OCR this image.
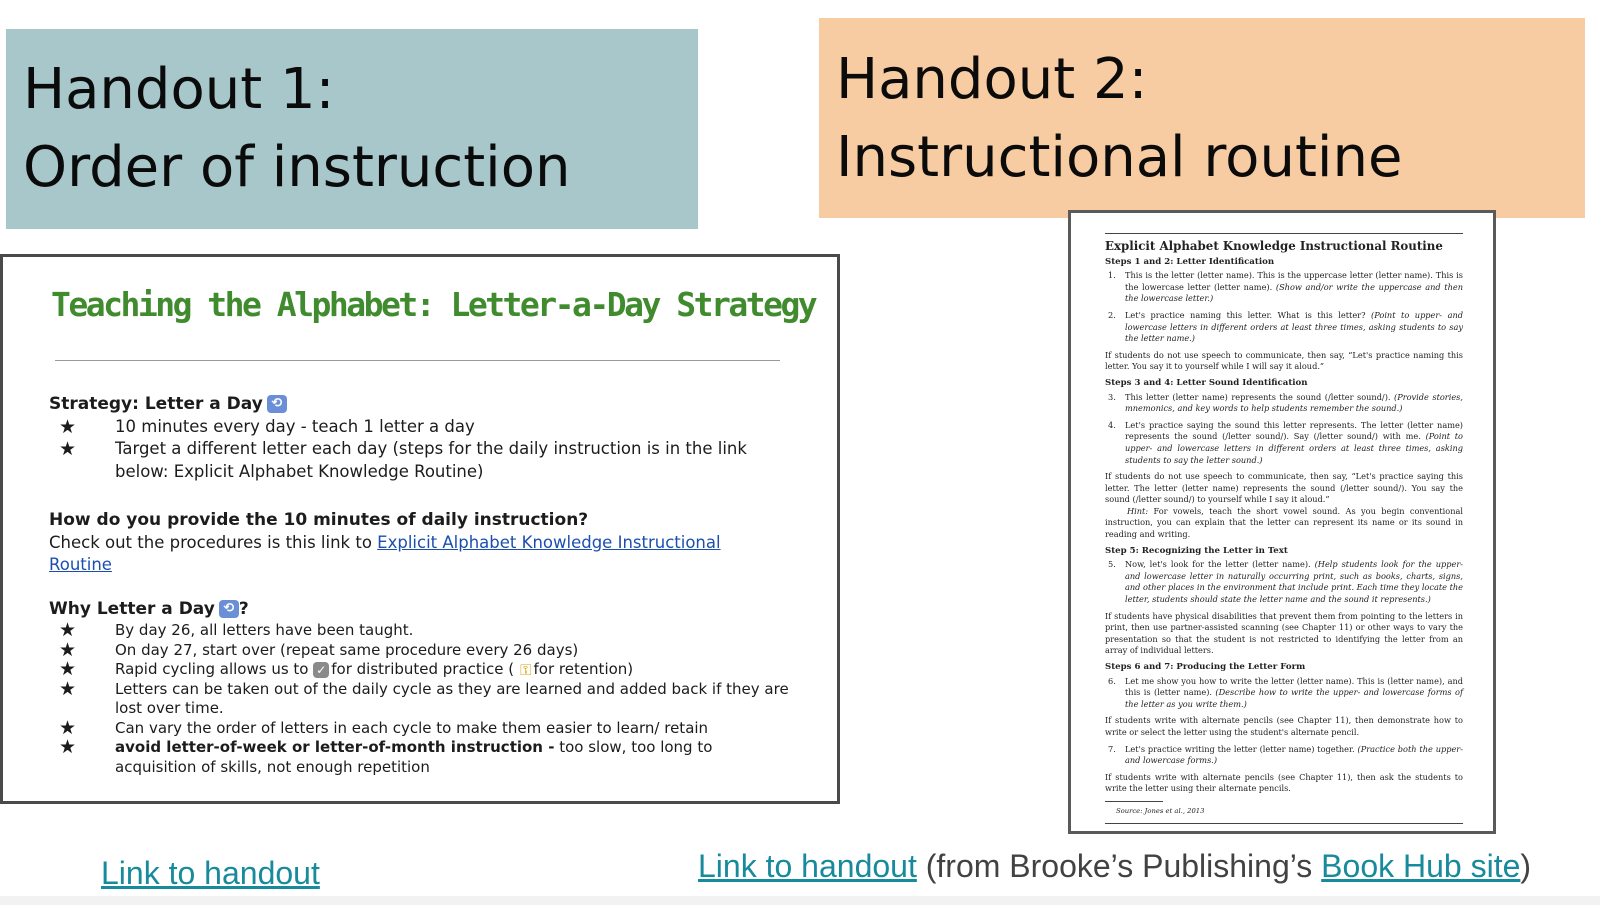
Handout 1:
Order of instruction
Handout 2:
Instructional routine
Teaching the Alphabet: Letter-a-Day Strategy
Strategy: Letter a Day ⟲
★	10 minutes every day - teach 1 letter a day
★	Target a different letter each day (steps for the daily instruction is in the link below: Explicit Alphabet Knowledge Routine)
How do you provide the 10 minutes of daily instruction?
Check out the procedures is this link to Explicit Alphabet Knowledge Instructional Routine
Why Letter a Day ⟲ ?
★	By day 26, all letters have been taught.
★	On day 27, start over (repeat same procedure every 26 days)
★	Rapid cycling allows us to ✓ for distributed practice ( ⚿ for retention)
★	Letters can be taken out of the daily cycle as they are learned and added back if they are lost over time.
★	Can vary the order of letters in each cycle to make them easier to learn/ retain
★	avoid letter-of-week or letter-of-month instruction - too slow, too long to acquisition of skills, not enough repetition
Explicit Alphabet Knowledge Instructional Routine
Steps 1 and 2: Letter Identification
1.	This is the letter (letter name). This is the uppercase letter (letter name). This is the lowercase letter (letter name). (Show and/or write the uppercase and then the lowercase letter.)
2.	Let's practice naming this letter. What is this letter? (Point to upper- and lowercase letters in different orders at least three times, asking students to say the letter name.)
If students do not use speech to communicate, then say, “Let's practice naming this letter. You say it to yourself while I will say it aloud.”
Steps 3 and 4: Letter Sound Identification
3.	This letter (letter name) represents the sound (/letter sound/). (Provide stories, mnemonics, and key words to help students remember the sound.)
4.	Let's practice saying the sound this letter represents. The letter (letter name) represents the sound (/letter sound/). Say (/letter sound/) with me. (Point to upper- and lowercase letters in different orders at least three times, asking students to say the letter sound.)
If students do not use speech to communicate, then say, “Let's practice saying this letter. The letter (letter name) represents the sound (/letter sound/). You say the sound (/letter sound/) to yourself while I say it aloud.”
Hint: For vowels, teach the short vowel sound. As you begin conventional instruction, you can explain that the letter can represent its name or its sound in reading and writing.
Step 5: Recognizing the Letter in Text
5.	Now, let's look for the letter (letter name). (Help students look for the upper- and lowercase letter in naturally occurring print, such as books, charts, signs, and other places in the environment that include print. Each time they locate the letter, students should state the letter name and the sound it represents.)
If students have physical disabilities that prevent them from pointing to the letters in print, then use partner-assisted scanning (see Chapter 11) or other ways to vary the presentation so that the student is not restricted to identifying the letter from an array of individual letters.
Steps 6 and 7: Producing the Letter Form
6.	Let me show you how to write the letter (letter name). This is (letter name), and this is (letter name). (Describe how to write the upper- and lowercase forms of the letter as you write them.)
If students write with alternate pencils (see Chapter 11), then demonstrate how to write or select the letter using the student's alternate pencil.
7.	Let's practice writing the letter (letter name) together. (Practice both the upper- and lowercase forms.)
If students write with alternate pencils (see Chapter 11), then ask the students to write the letter using their alternate pencils.
Source: Jones et al., 2013
Link to handout	Link to handout (from Brooke’s Publishing’s Book Hub site)
